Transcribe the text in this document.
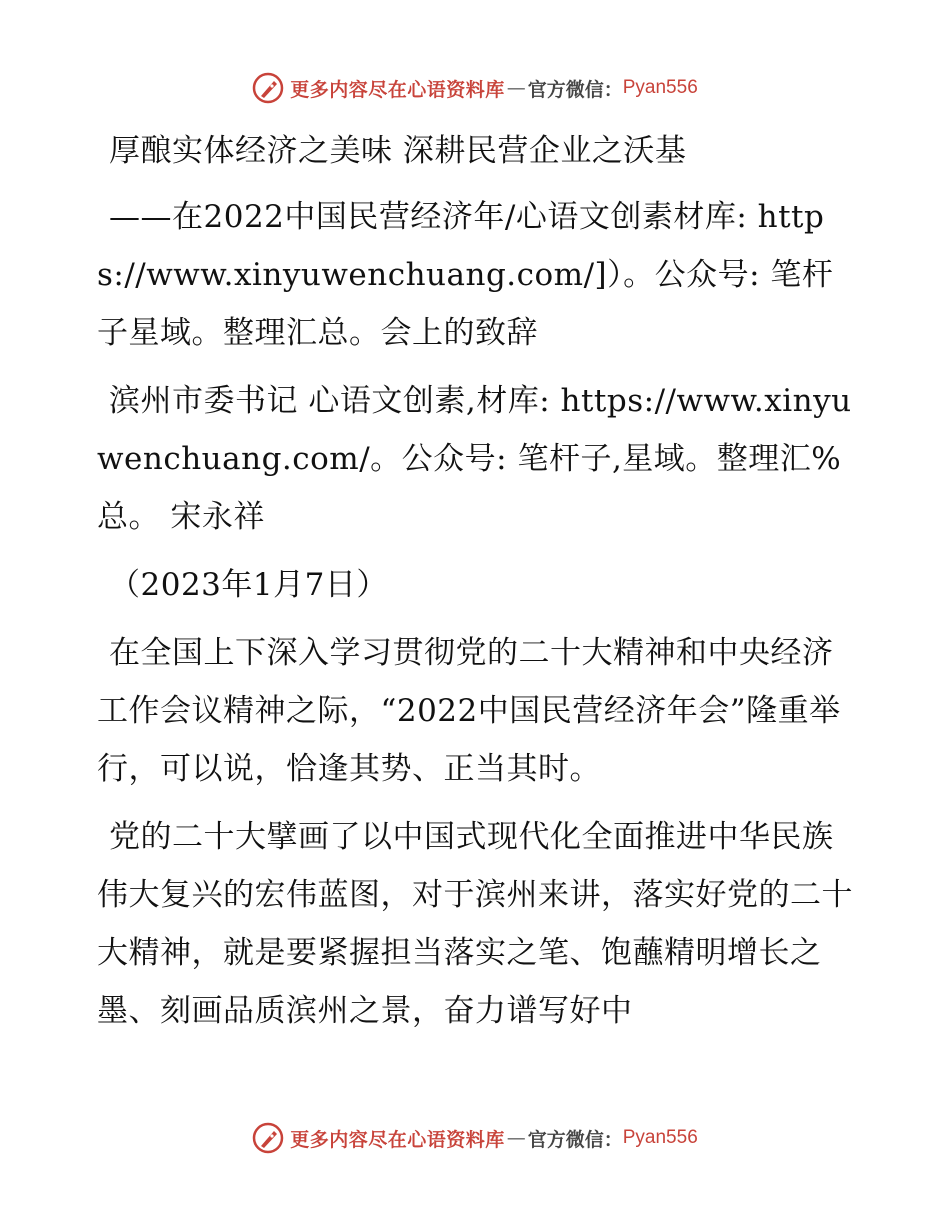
更多内容尽在心语资料库 — 官方微信： Pyan556

厚酿实体经济之美味 深耕民营企业之沃基

——在2022中国民营经济年/心语文创素材库: https://www.xinyuwenchuang.com/]）。公众号: 笔杆子星域。整理汇总。会上的致辞

滨州市委书记 心语文创素,材库: https://www.xinyuwenchuang.com/。公众号: 笔杆子,星域。整理汇%总。 宋永祥

（2023年1月7日）

在全国上下深入学习贯彻党的二十大精神和中央经济工作会议精神之际，“2022中国民营经济年会”隆重举行，可以说，恰逢其势、正当其时。

党的二十大擘画了以中国式现代化全面推进中华民族伟大复兴的宏伟蓝图，对于滨州来讲，落实好党的二十大精神，就是要紧握担当落实之笔、饱蘸精明增长之墨、刻画品质滨州之景，奋力谱写好中

更多内容尽在心语资料库 — 官方微信： Pyan556
